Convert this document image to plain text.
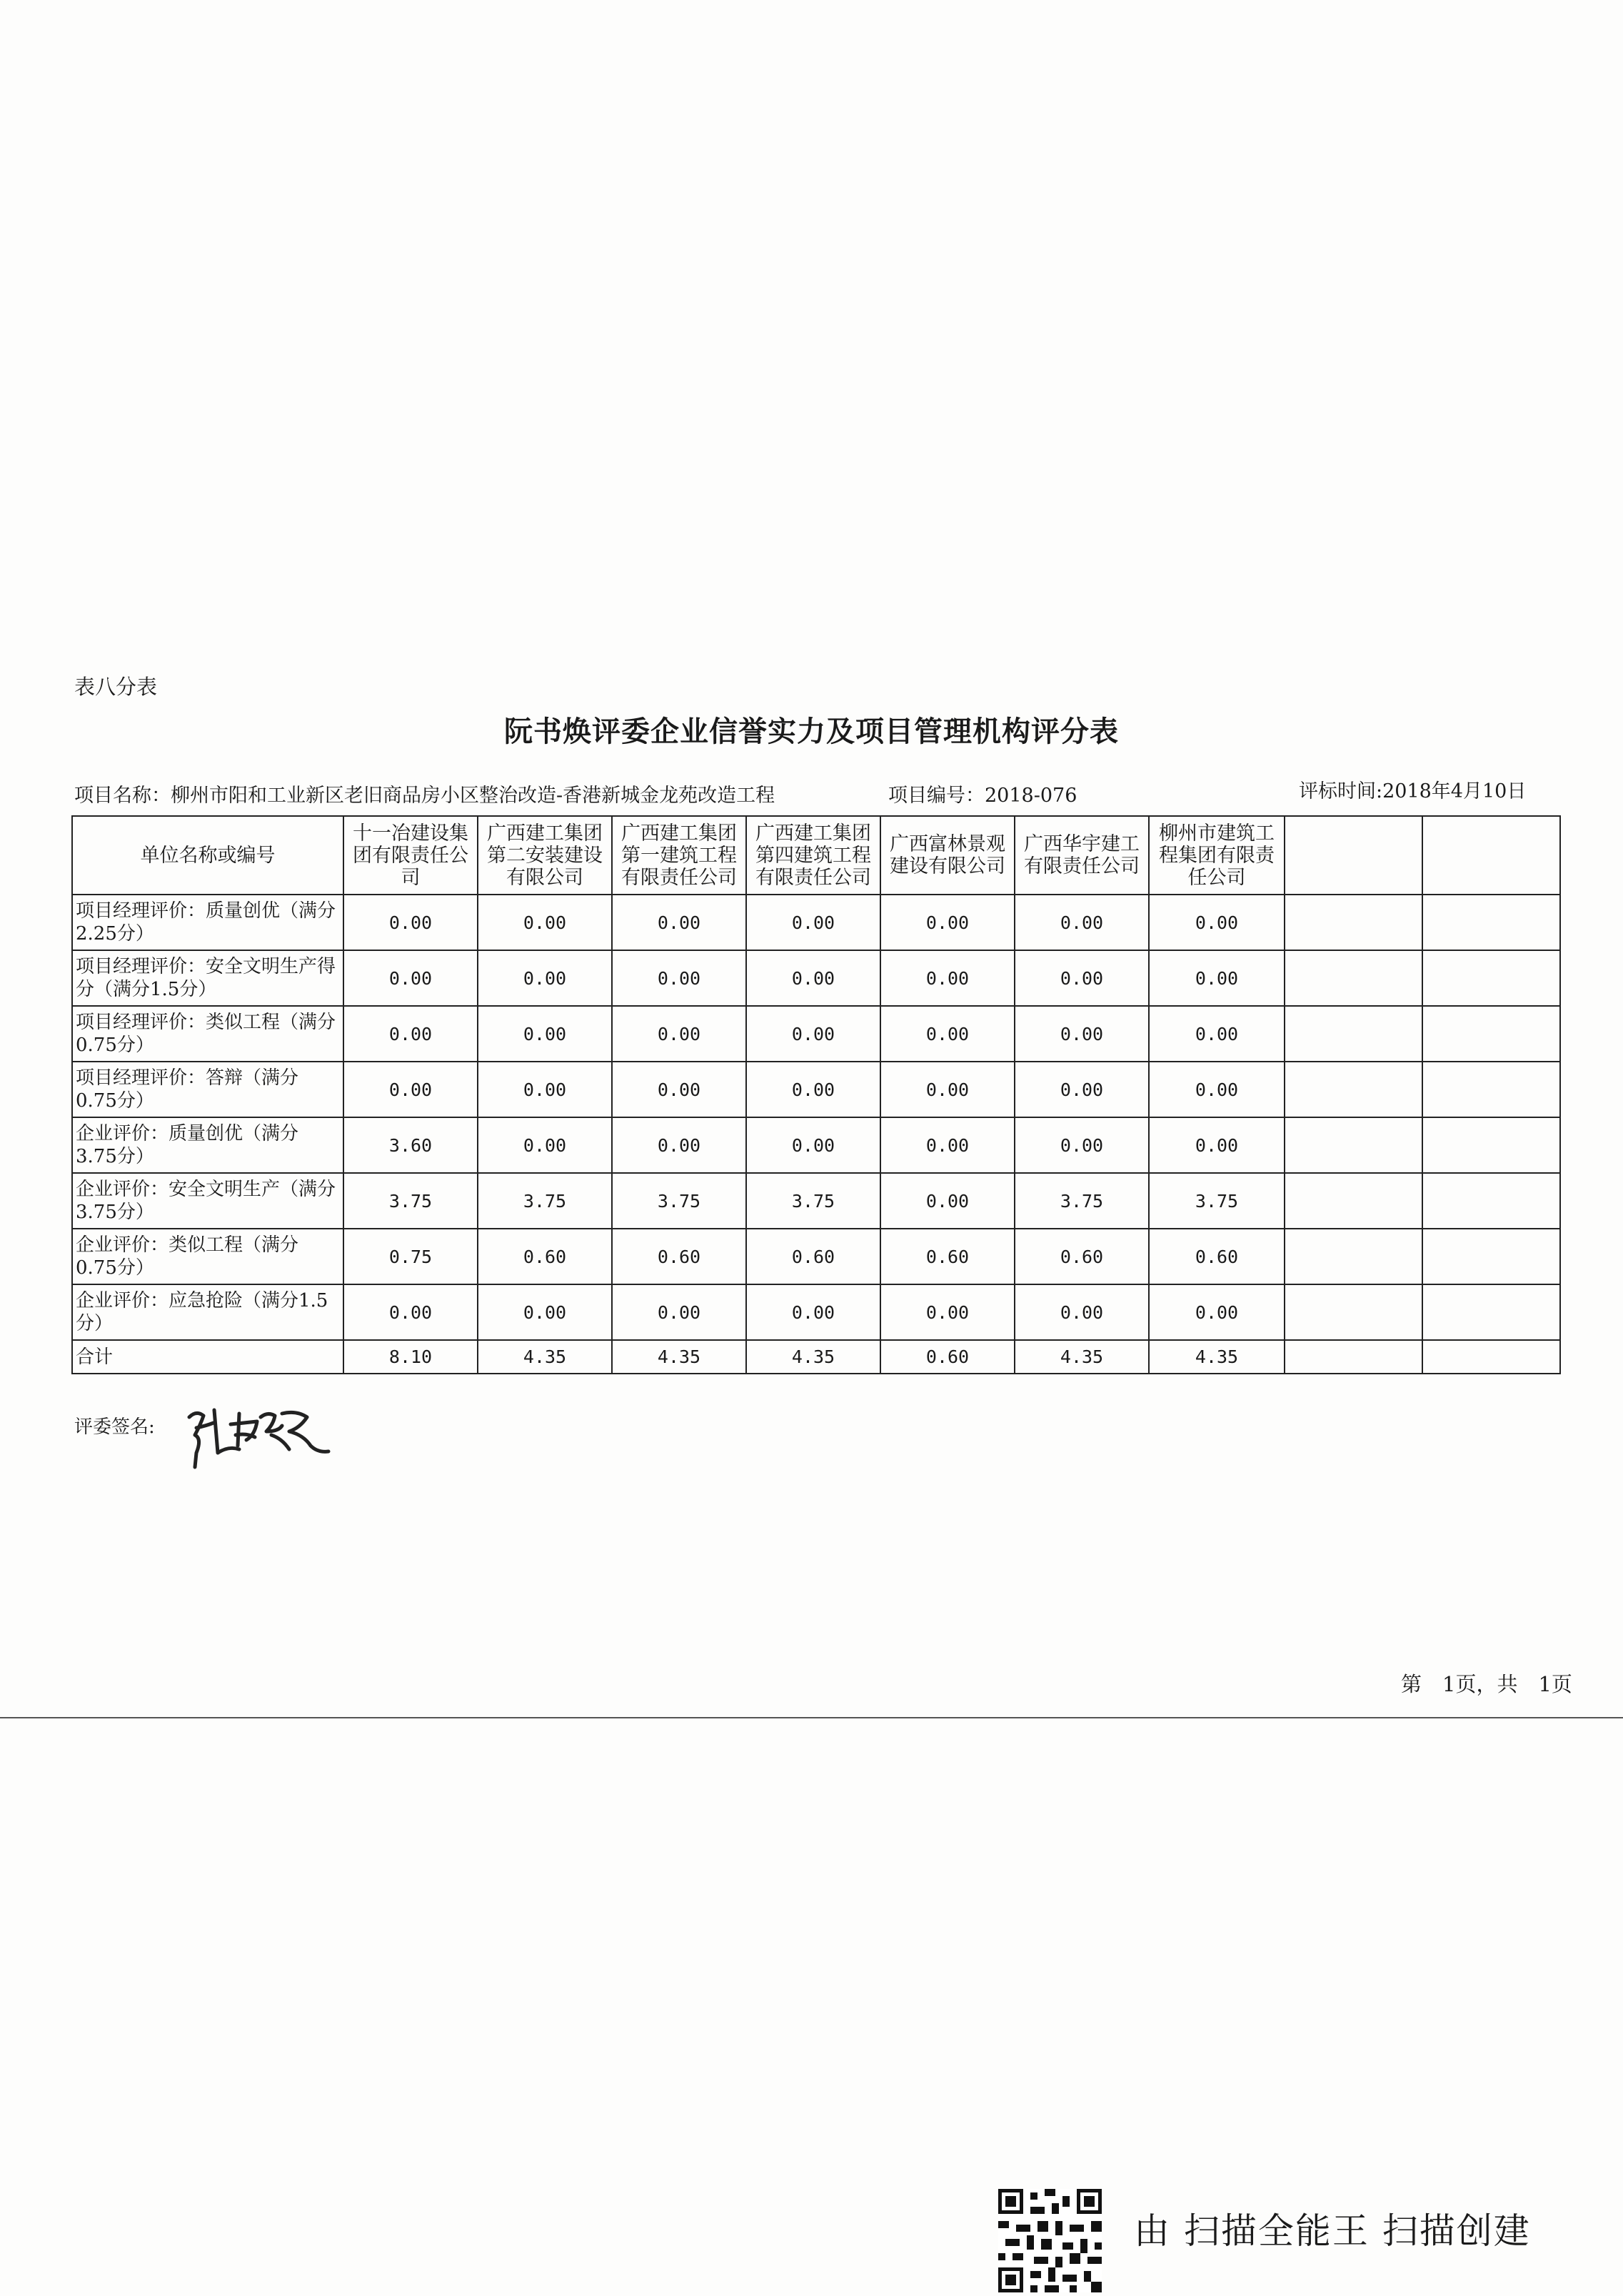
表八分表
阮书焕评委企业信誉实力及项目管理机构评分表
项目名称：柳州市阳和工业新区老旧商品房小区整治改造-香港新城金龙苑改造工程	项目编号：2018-076	评标时间:2018年4月10日
单位名称或编号	十一冶建设集团有限责任公司	广西建工集团第二安装建设有限公司	广西建工集团第一建筑工程有限责任公司	广西建工集团第四建筑工程有限责任公司	广西富林景观建设有限公司	广西华宇建工有限责任公司	柳州市建筑工程集团有限责任公司		
项目经理评价：质量创优（满分2.25分）	0.00	0.00	0.00	0.00	0.00	0.00	0.00		
项目经理评价：安全文明生产得分（满分1.5分）	0.00	0.00	0.00	0.00	0.00	0.00	0.00		
项目经理评价：类似工程（满分0.75分）	0.00	0.00	0.00	0.00	0.00	0.00	0.00		
项目经理评价：答辩（满分0.75分）	0.00	0.00	0.00	0.00	0.00	0.00	0.00		
企业评价：质量创优（满分3.75分）	3.60	0.00	0.00	0.00	0.00	0.00	0.00		
企业评价：安全文明生产（满分3.75分）	3.75	3.75	3.75	3.75	0.00	3.75	3.75		
企业评价：类似工程（满分0.75分）	0.75	0.60	0.60	0.60	0.60	0.60	0.60		
企业评价：应急抢险（满分1.5分）	0.00	0.00	0.00	0.00	0.00	0.00	0.00		
合计	8.10	4.35	4.35	4.35	0.60	4.35	4.35		
评委签名:
第　1页，共　1页
由 扫描全能王 扫描创建
